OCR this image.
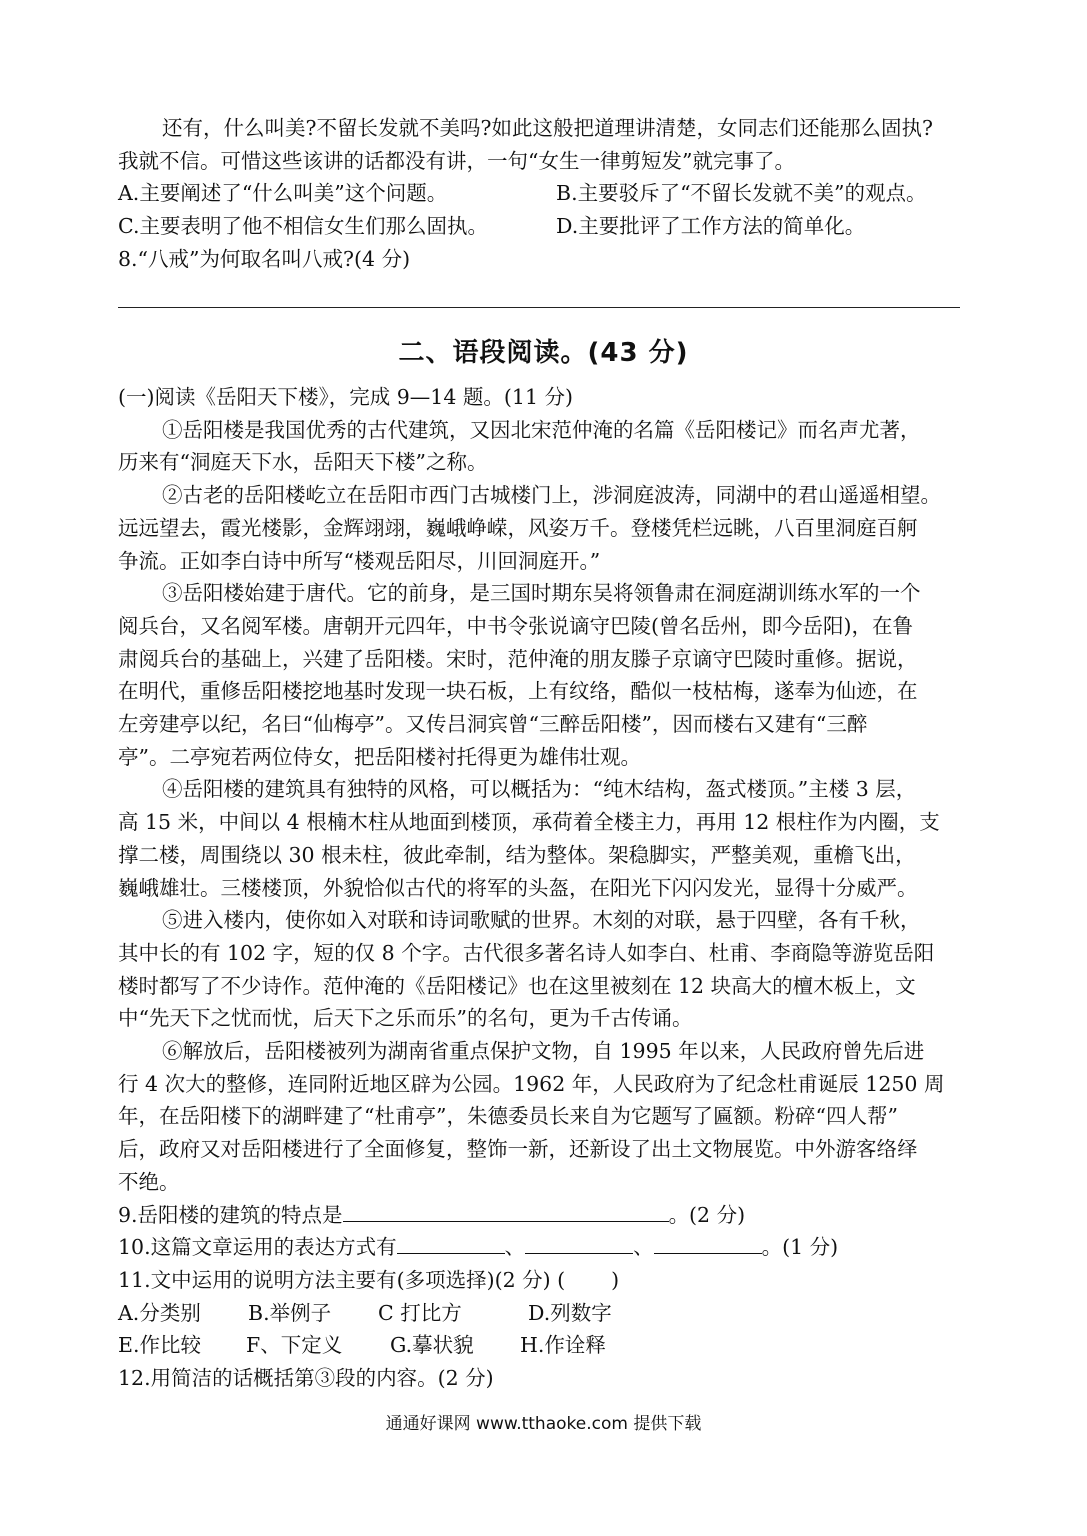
还有，什么叫美?不留长发就不美吗?如此这般把道理讲清楚，女同志们还能那么固执?

我就不信。可惜这些该讲的话都没有讲，一句“女生一律剪短发”就完事了。

A.主要阐述了“什么叫美”这个问题。	B.主要驳斥了“不留长发就不美”的观点。
C.主要表明了他不相信女生们那么固执。	D.主要批评了工作方法的简单化。

8.“八戒”为何取名叫八戒?(4 分)

二、语段阅读。(43 分)

(一)阅读《岳阳天下楼》，完成 9—14 题。(11 分)

①岳阳楼是我国优秀的古代建筑，又因北宋范仲淹的名篇《岳阳楼记》而名声尤著，

历来有“洞庭天下水，岳阳天下楼”之称。

②古老的岳阳楼屹立在岳阳市西门古城楼门上，涉洞庭波涛，同湖中的君山遥遥相望。

远远望去，霞光楼影，金辉翊翊，巍峨峥嵘，风姿万千。登楼凭栏远眺，八百里洞庭百舸

争流。正如李白诗中所写“楼观岳阳尽，川回洞庭开。”

③岳阳楼始建于唐代。它的前身，是三国时期东吴将领鲁肃在洞庭湖训练水军的一个

阅兵台，又名阅军楼。唐朝开元四年，中书令张说谪守巴陵(曾名岳州，即今岳阳)，在鲁

肃阅兵台的基础上，兴建了岳阳楼。宋时，范仲淹的朋友滕子京谪守巴陵时重修。据说，

在明代，重修岳阳楼挖地基时发现一块石板，上有纹络，酷似一枝枯梅，遂奉为仙迹，在

左旁建亭以纪，名曰“仙梅亭”。又传吕洞宾曾“三醉岳阳楼”，因而楼右又建有“三醉

亭”。二亭宛若两位侍女，把岳阳楼衬托得更为雄伟壮观。

④岳阳楼的建筑具有独特的风格，可以概括为：“纯木结构，盔式楼顶。”主楼 3 层，

高 15 米，中间以 4 根楠木柱从地面到楼顶，承荷着全楼主力，再用 12 根柱作为内圈，支

撑二楼，周围绕以 30 根未柱，彼此牵制，结为整体。架稳脚实，严整美观，重檐飞出，

巍峨雄壮。三楼楼顶，外貌恰似古代的将军的头盔，在阳光下闪闪发光，显得十分威严。

⑤进入楼内，使你如入对联和诗词歌赋的世界。木刻的对联，悬于四壁，各有千秋，

其中长的有 102 字，短的仅 8 个字。古代很多著名诗人如李白、杜甫、李商隐等游览岳阳

楼时都写了不少诗作。范仲淹的《岳阳楼记》也在这里被刻在 12 块高大的檀木板上，文

中“先天下之忧而忧，后天下之乐而乐”的名句，更为千古传诵。

⑥解放后，岳阳楼被列为湖南省重点保护文物，自 1995 年以来，人民政府曾先后进

行 4 次大的整修，连同附近地区辟为公园。1962 年，人民政府为了纪念杜甫诞辰 1250 周

年，在岳阳楼下的湖畔建了“杜甫亭”，朱德委员长来自为它题写了匾额。粉碎“四人帮”

后，政府又对岳阳楼进行了全面修复，整饰一新，还新设了出土文物展览。中外游客络绎

不绝。

9.岳阳楼的建筑的特点是	。(2 分)

10.这篇文章运用的表达方式有	、	、	。(1 分)

11.文中运用的说明方法主要有(多项选择)(2 分) ( )

A.分类别	B.举例子	C 打比方	D.列数字
E.作比较	F、下定义	G.摹状貌	H.作诠释

12.用简洁的话概括第③段的内容。(2 分)

通通好课网 www.tthaoke.com 提供下载
